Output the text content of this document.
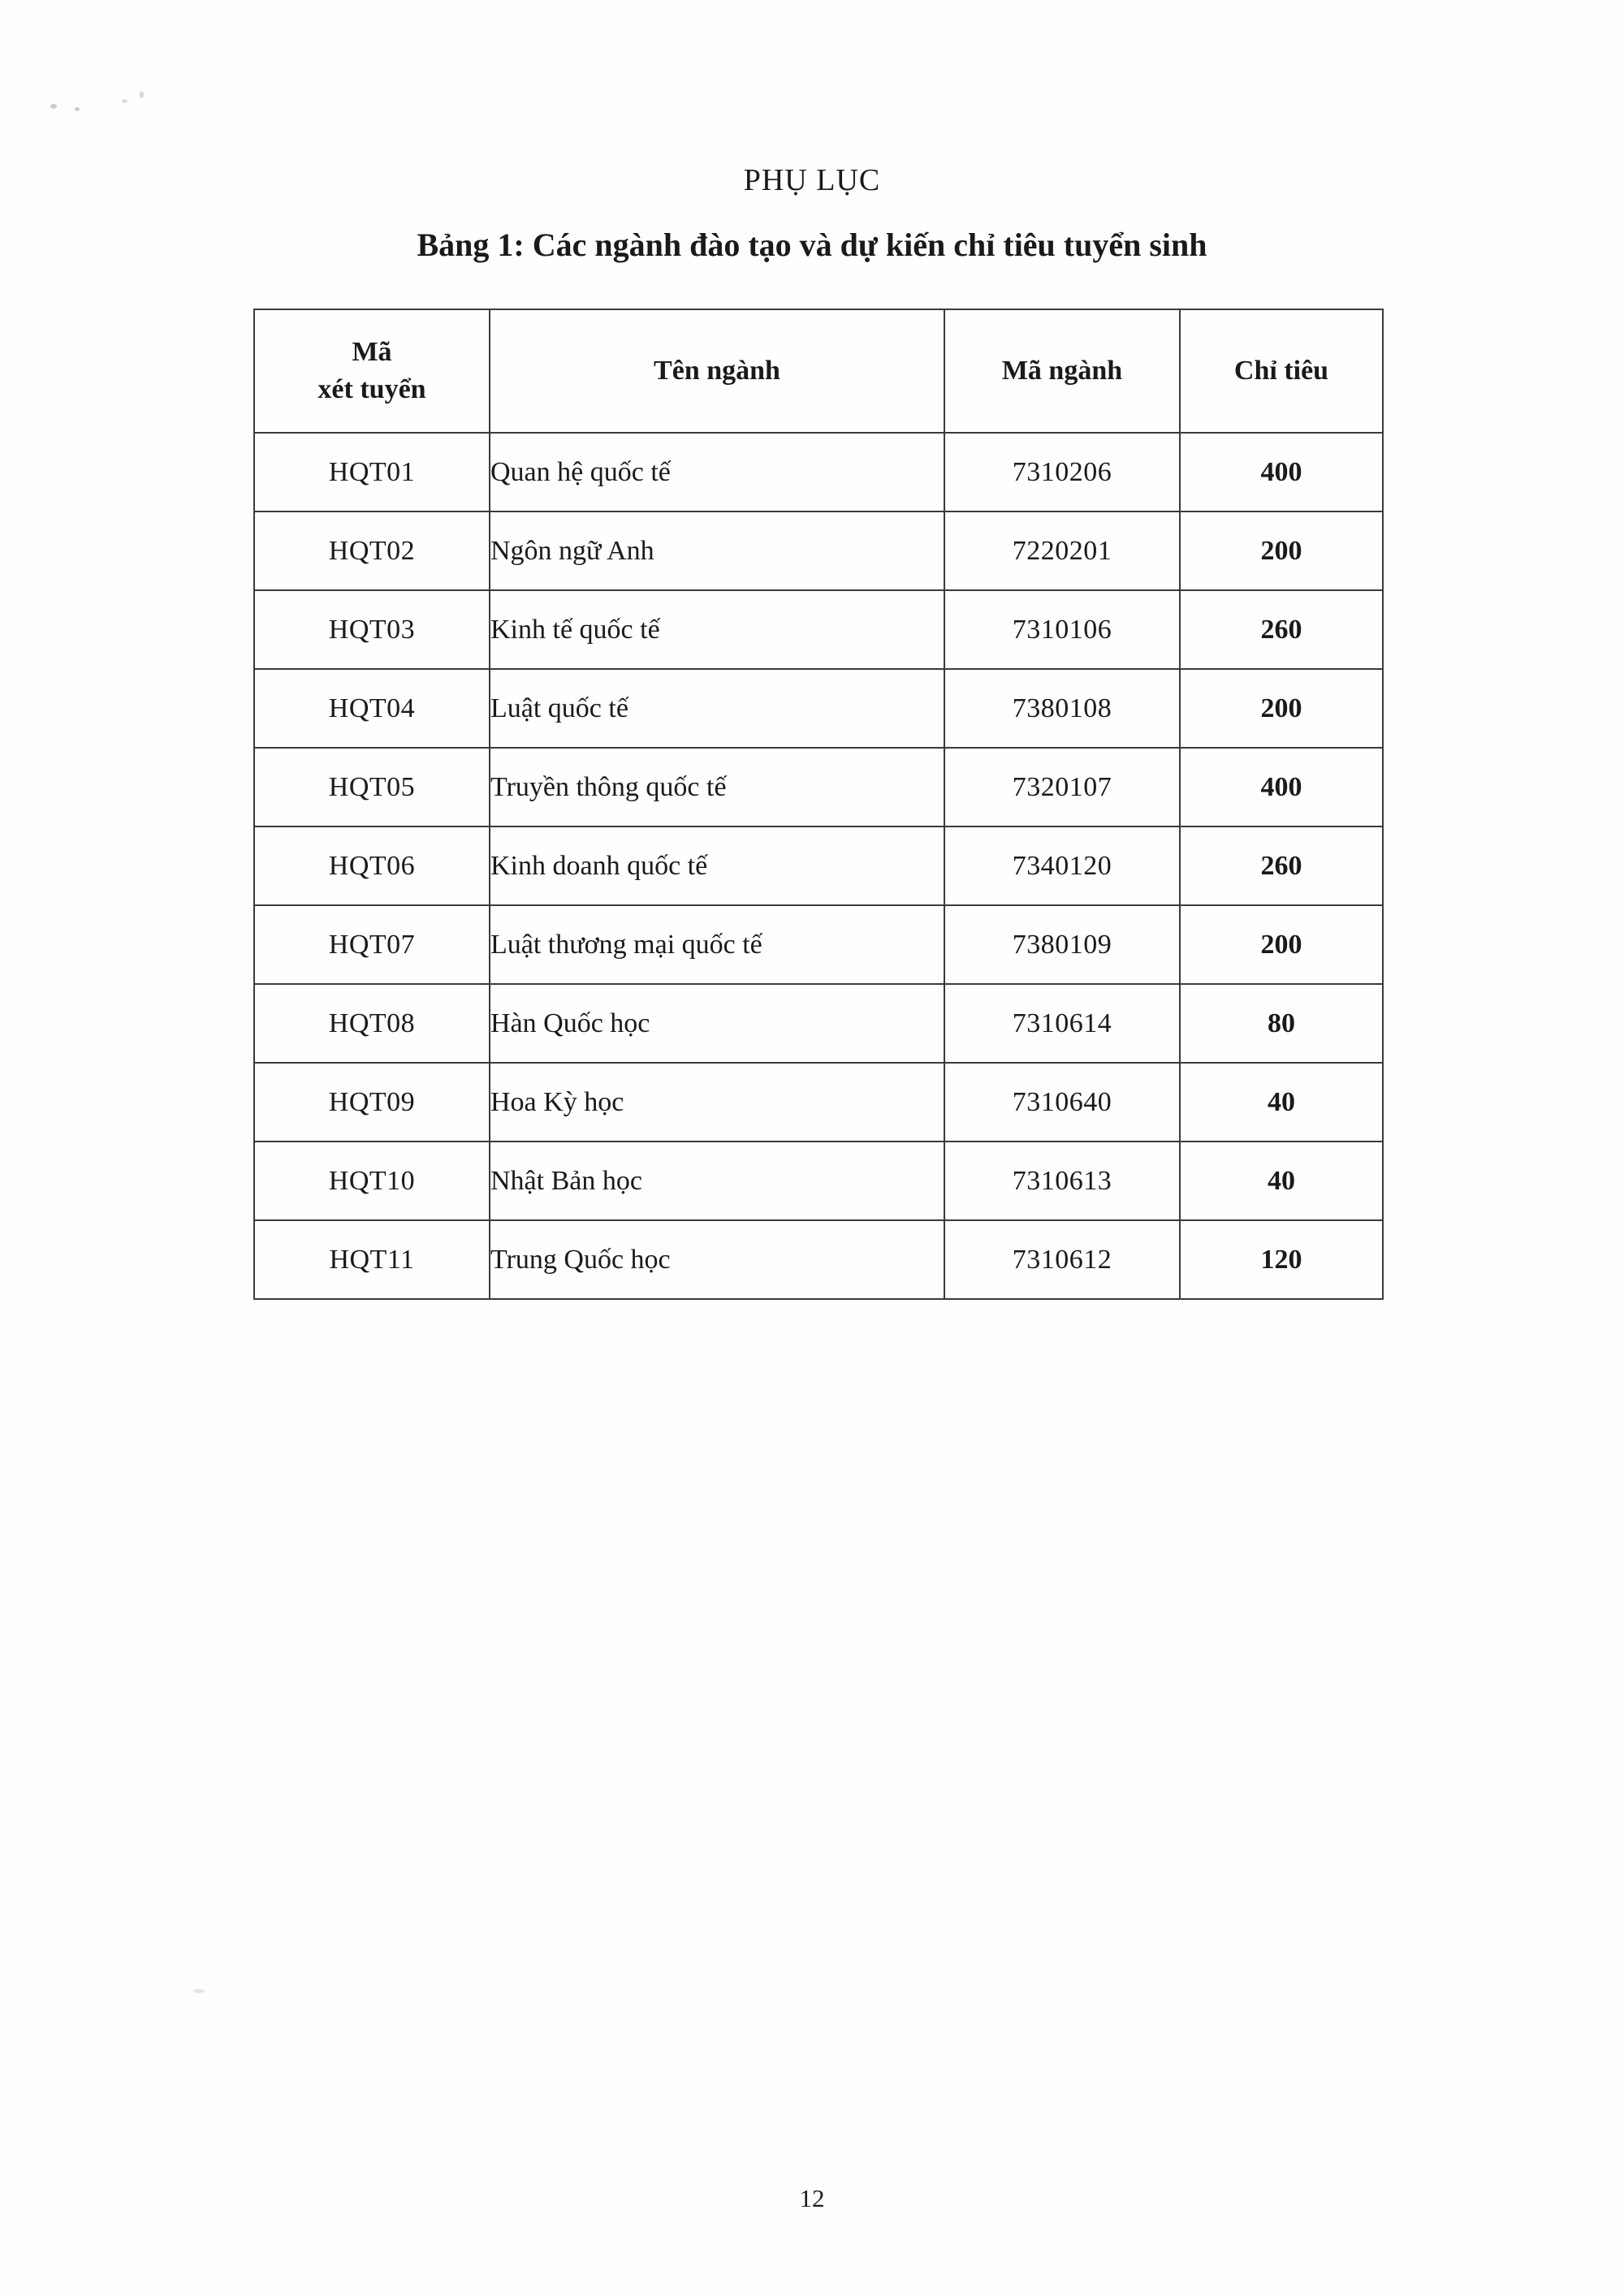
PHỤ LỤC
Bảng 1: Các ngành đào tạo và dự kiến chỉ tiêu tuyển sinh
Mã
xét tuyển	Tên ngành	Mã ngành	Chỉ tiêu
HQT01	Quan hệ quốc tế	7310206	400
HQT02	Ngôn ngữ Anh	7220201	200
HQT03	Kinh tế quốc tế	7310106	260
HQT04	Luật quốc tế	7380108	200
HQT05	Truyền thông quốc tế	7320107	400
HQT06	Kinh doanh quốc tế	7340120	260
HQT07	Luật thương mại quốc tế	7380109	200
HQT08	Hàn Quốc học	7310614	80
HQT09	Hoa Kỳ học	7310640	40
HQT10	Nhật Bản học	7310613	40
HQT11	Trung Quốc học	7310612	120
12
